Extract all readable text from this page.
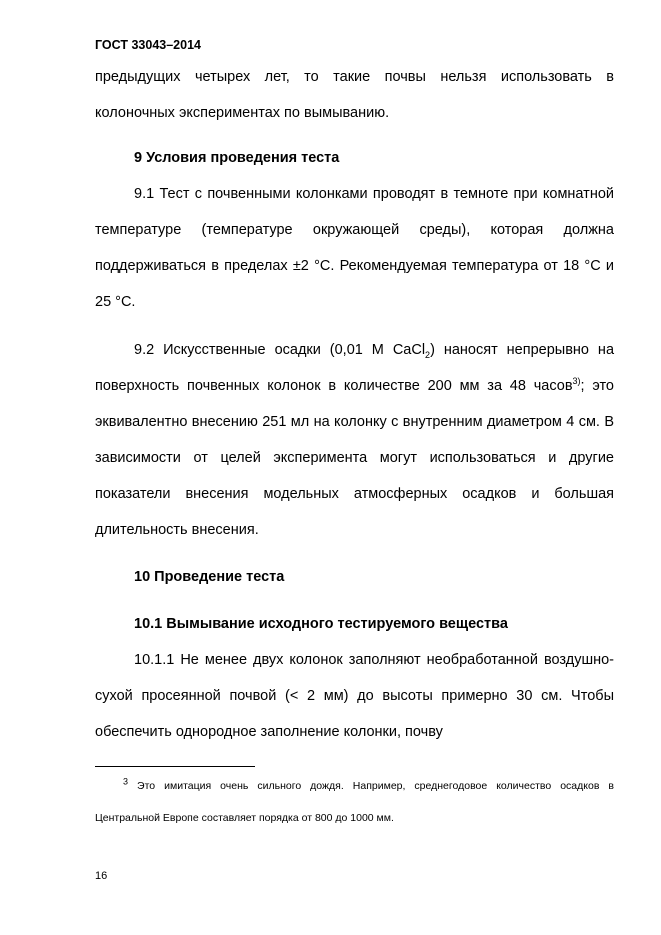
ГОСТ 33043–2014

предыдущих четырех лет, то такие почвы нельзя использовать в колоночных экспериментах по вымыванию.

9 Условия проведения теста

9.1 Тест с почвенными колонками проводят в темноте при комнатной температуре (температуре окружающей среды), которая должна поддерживаться в пределах ±2 °С. Рекомендуемая температура от 18 °С и 25 °С.

9.2 Искусственные осадки (0,01 М CaCl$_2$) наносят непрерывно на поверхность почвенных колонок в количестве 200 мм за 48 часов$^{3)}$; это эквивалентно внесению 251 мл на колонку с внутренним диаметром 4 см. В зависимости от целей эксперимента могут использоваться и другие показатели внесения модельных атмосферных осадков и большая длительность внесения.

10 Проведение теста

10.1 Вымывание исходного тестируемого вещества

10.1.1 Не менее двух колонок заполняют необработанной воздушно-сухой просеянной почвой (< 2 мм) до высоты примерно 30 см. Чтобы обеспечить однородное заполнение колонки, почву

$^3$ Это имитация очень сильного дождя. Например, среднегодовое количество осадков в Центральной Европе составляет порядка от 800 до 1000 мм.

16
